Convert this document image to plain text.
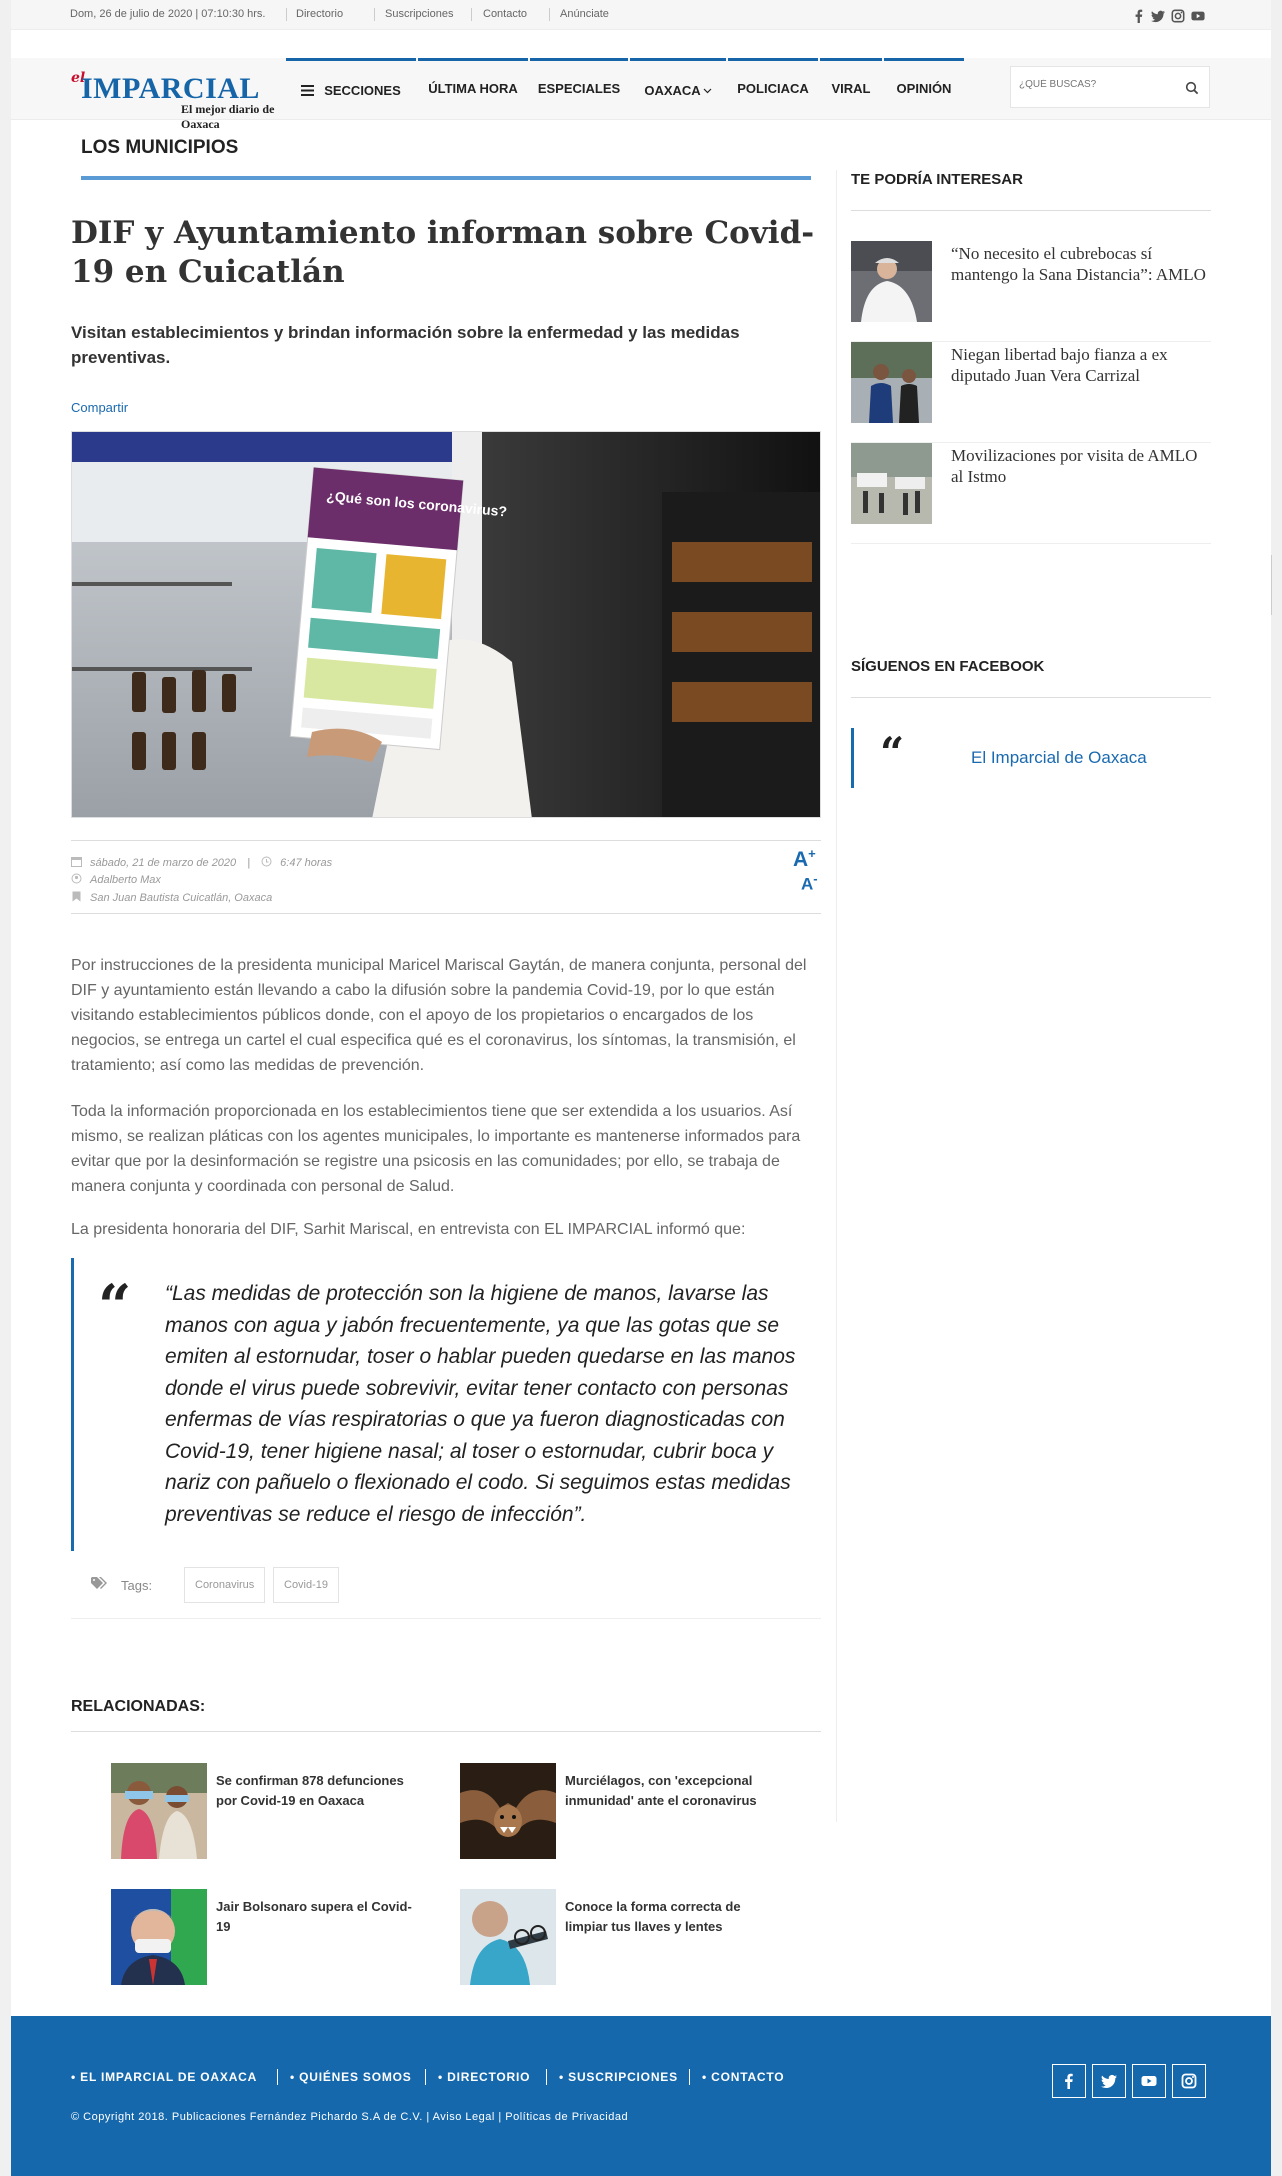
Dom, 26 de julio de 2020 | 07:10:30 hrs.	Directorio	Suscripciones	Contacto	Anúnciate
el
IMPARCIAL
El mejor diario de Oaxaca
SECCIONES	ÚLTIMA HORA	ESPECIALES	OAXACA	POLICIACA	VIRAL	OPINIÓN
¿QUÉ BUSCAS?
LOS MUNICIPIOS
DIF y Ayuntamiento informan sobre Covid-19 en Cuicatlán
Visitan establecimientos y brindan información sobre la enfermedad y las medidas preventivas.
Compartir
¿Qué son los coronavirus?
sábado, 21 de marzo de 2020 |	6:47 horas
Adalberto Max
San Juan Bautista Cuicatlán, Oaxaca
A+
A-

Por instrucciones de la presidenta municipal Maricel Mariscal Gaytán, de manera conjunta, personal del DIF y ayuntamiento están llevando a cabo la difusión sobre la pandemia Covid-19, por lo que están visitando establecimientos públicos donde, con el apoyo de los propietarios o encargados de los negocios, se entrega un cartel el cual especifica qué es el coronavirus, los síntomas, la transmisión, el tratamiento; así como las medidas de prevención.

Toda la información proporcionada en los establecimientos tiene que ser extendida a los usuarios. Así mismo, se realizan pláticas con los agentes municipales, lo importante es mantenerse informados para evitar que por la desinformación se registre una psicosis en las comunidades; por ello, se trabaja de manera conjunta y coordinada con personal de Salud.

La presidenta honoraria del DIF, Sarhit Mariscal, en entrevista con EL IMPARCIAL informó que:

“ “Las medidas de protección son la higiene de manos, lavarse las manos con agua y jabón frecuentemente, ya que las gotas que se emiten al estornudar, toser o hablar pueden quedarse en las manos donde el virus puede sobrevivir, evitar tener contacto con personas enfermas de vías respiratorias o que ya fueron diagnosticadas con Covid-19, tener higiene nasal; al toser o estornudar, cubrir boca y nariz con pañuelo o flexionado el codo. Si seguimos estas medidas preventivas se reduce el riesgo de infección”.
Tags:	Coronavirus	Covid-19
RELACIONADAS:
Se confirman 878 defunciones por Covid-19 en Oaxaca
Murciélagos, con 'excepcional inmunidad' ante el coronavirus
Jair Bolsonaro supera el Covid-19
Conoce la forma correcta de limpiar tus llaves y lentes
TE PODRÍA INTERESAR
“No necesito el cubrebocas sí mantengo la Sana Distancia”: AMLO
Niegan libertad bajo fianza a ex diputado Juan Vera Carrizal
Movilizaciones por visita de AMLO al Istmo
SÍGUENOS EN FACEBOOK
“	El Imparcial de Oaxaca
• EL IMPARCIAL DE OAXACA	• QUIÉNES SOMOS • DIRECTORIO • SUSCRIPCIONES • CONTACTO
© Copyright 2018. Publicaciones Fernández Pichardo S.A de C.V. | Aviso Legal | Políticas de Privacidad
